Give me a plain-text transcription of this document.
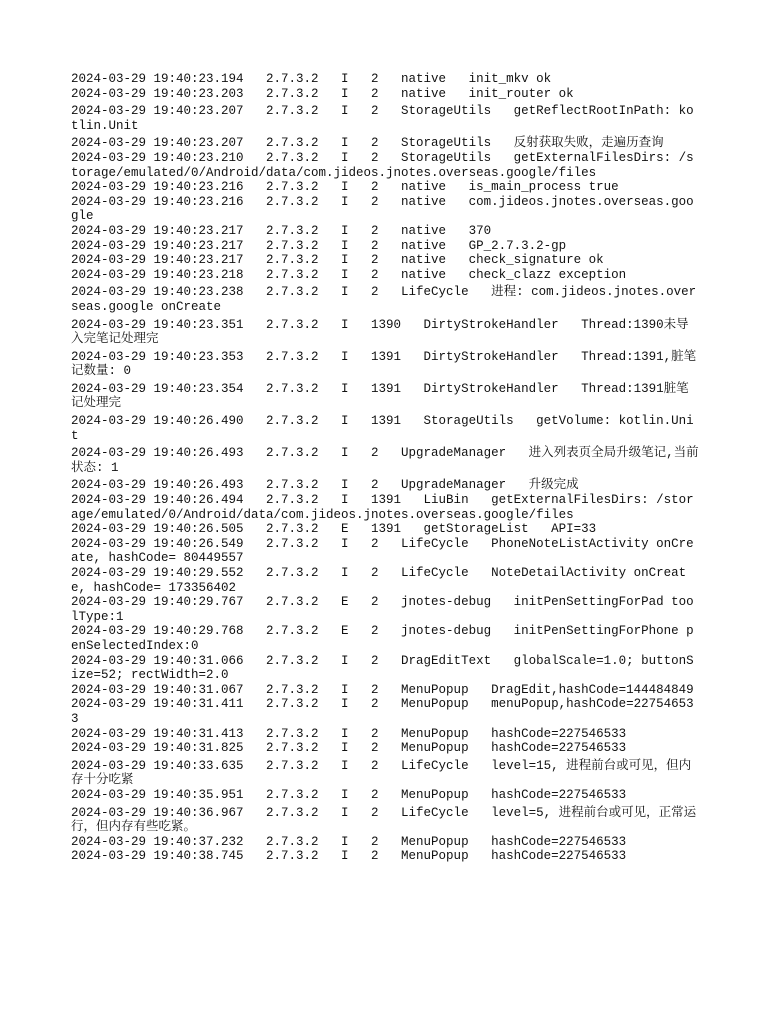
2024-03-29 19:40:23.194   2.7.3.2   I   2   native   init_mkv ok
2024-03-29 19:40:23.203   2.7.3.2   I   2   native   init_router ok
2024-03-29 19:40:23.207   2.7.3.2   I   2   StorageUtils   getReflectRootInPath: kotlin.Unit
2024-03-29 19:40:23.207   2.7.3.2   I   2   StorageUtils   反射获取失败，走遍历查询
2024-03-29 19:40:23.210   2.7.3.2   I   2   StorageUtils   getExternalFilesDirs: /storage/emulated/0/Android/data/com.jideos.jnotes.overseas.google/files
2024-03-29 19:40:23.216   2.7.3.2   I   2   native   is_main_process true
2024-03-29 19:40:23.216   2.7.3.2   I   2   native   com.jideos.jnotes.overseas.google
2024-03-29 19:40:23.217   2.7.3.2   I   2   native   370
2024-03-29 19:40:23.217   2.7.3.2   I   2   native   GP_2.7.3.2-gp
2024-03-29 19:40:23.217   2.7.3.2   I   2   native   check_signature ok
2024-03-29 19:40:23.218   2.7.3.2   I   2   native   check_clazz exception
2024-03-29 19:40:23.238   2.7.3.2   I   2   LifeCycle   进程: com.jideos.jnotes.overseas.google onCreate
2024-03-29 19:40:23.351   2.7.3.2   I   1390   DirtyStrokeHandler   Thread:1390未导入完笔记处理完
2024-03-29 19:40:23.353   2.7.3.2   I   1391   DirtyStrokeHandler   Thread:1391,脏笔记数量: 0
2024-03-29 19:40:23.354   2.7.3.2   I   1391   DirtyStrokeHandler   Thread:1391脏笔记处理完
2024-03-29 19:40:26.490   2.7.3.2   I   1391   StorageUtils   getVolume: kotlin.Unit
2024-03-29 19:40:26.493   2.7.3.2   I   2   UpgradeManager   进入列表页全局升级笔记,当前状态: 1
2024-03-29 19:40:26.493   2.7.3.2   I   2   UpgradeManager   升级完成
2024-03-29 19:40:26.494   2.7.3.2   I   1391   LiuBin   getExternalFilesDirs: /storage/emulated/0/Android/data/com.jideos.jnotes.overseas.google/files
2024-03-29 19:40:26.505   2.7.3.2   E   1391   getStorageList   API=33
2024-03-29 19:40:26.549   2.7.3.2   I   2   LifeCycle   PhoneNoteListActivity onCreate, hashCode= 80449557
2024-03-29 19:40:29.552   2.7.3.2   I   2   LifeCycle   NoteDetailActivity onCreate, hashCode= 173356402
2024-03-29 19:40:29.767   2.7.3.2   E   2   jnotes-debug   initPenSettingForPad toolType:1
2024-03-29 19:40:29.768   2.7.3.2   E   2   jnotes-debug   initPenSettingForPhone penSelectedIndex:0
2024-03-29 19:40:31.066   2.7.3.2   I   2   DragEditText   globalScale=1.0; buttonSize=52; rectWidth=2.0
2024-03-29 19:40:31.067   2.7.3.2   I   2   MenuPopup   DragEdit,hashCode=144484849
2024-03-29 19:40:31.411   2.7.3.2   I   2   MenuPopup   menuPopup,hashCode=227546533
2024-03-29 19:40:31.413   2.7.3.2   I   2   MenuPopup   hashCode=227546533
2024-03-29 19:40:31.825   2.7.3.2   I   2   MenuPopup   hashCode=227546533
2024-03-29 19:40:33.635   2.7.3.2   I   2   LifeCycle   level=15, 进程前台或可见，但内存十分吃紧
2024-03-29 19:40:35.951   2.7.3.2   I   2   MenuPopup   hashCode=227546533
2024-03-29 19:40:36.967   2.7.3.2   I   2   LifeCycle   level=5, 进程前台或可见，正常运行，但内存有些吃紧。
2024-03-29 19:40:37.232   2.7.3.2   I   2   MenuPopup   hashCode=227546533
2024-03-29 19:40:38.745   2.7.3.2   I   2   MenuPopup   hashCode=227546533
